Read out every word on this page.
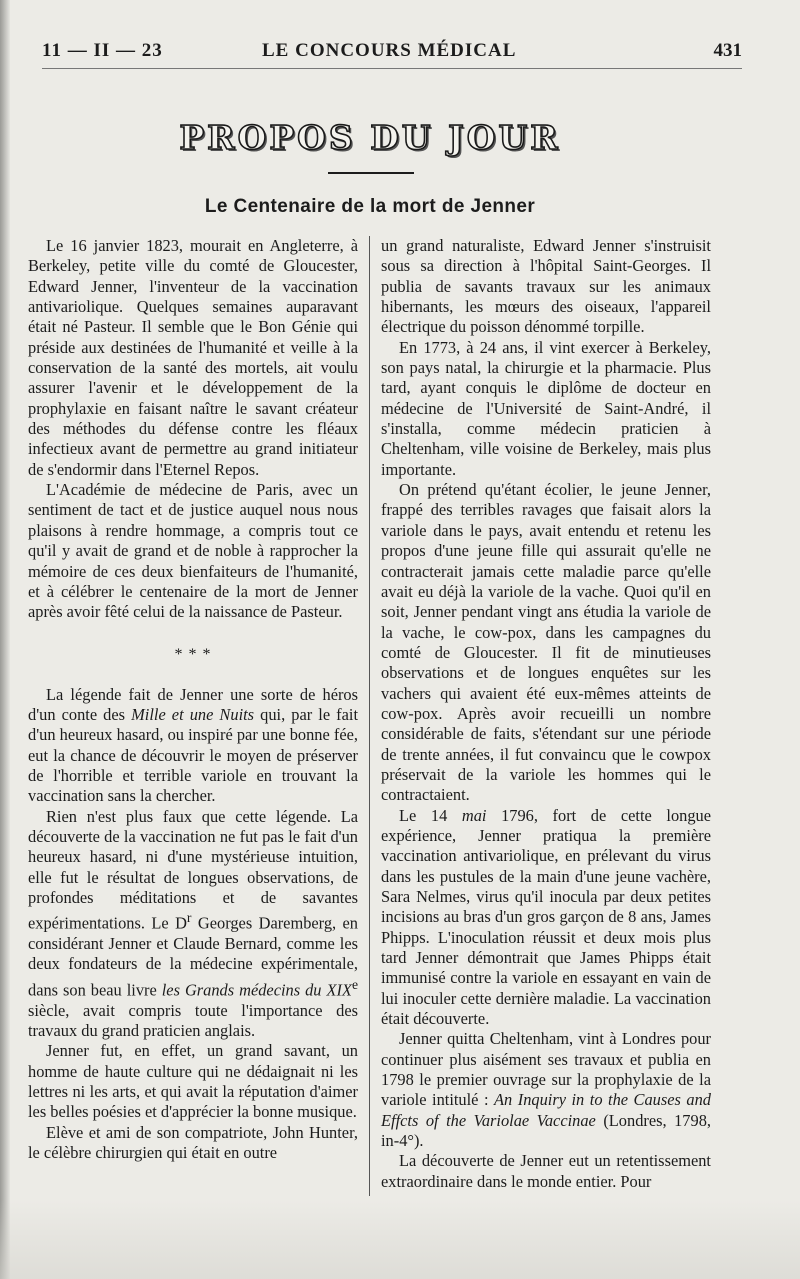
11 — II — 23	LE CONCOURS MÉDICAL	431
PROPOS DU JOUR
Le Centenaire de la mort de Jenner

Le 16 janvier 1823, mourait en Angleterre, à Berkeley, petite ville du comté de Gloucester, Edward Jenner, l'inventeur de la vaccination antivariolique. Quelques semaines auparavant était né Pasteur. Il semble que le Bon Génie qui préside aux destinées de l'humanité et veille à la conservation de la santé des mortels, ait voulu assurer l'avenir et le développement de la prophylaxie en faisant naître le savant créateur des méthodes du défense contre les fléaux infectieux avant de permettre au grand initiateur de s'endormir dans l'Eternel Repos.

L'Académie de médecine de Paris, avec un sentiment de tact et de justice auquel nous nous plaisons à rendre hommage, a compris tout ce qu'il y avait de grand et de noble à rapprocher la mémoire de ces deux bienfaiteurs de l'humanité, et à célébrer le centenaire de la mort de Jenner après avoir fêté celui de la naissance de Pasteur.

* * *

La légende fait de Jenner une sorte de héros d'un conte des Mille et une Nuits qui, par le fait d'un heureux hasard, ou inspiré par une bonne fée, eut la chance de découvrir le moyen de préserver de l'horrible et terrible variole en trouvant la vaccination sans la chercher.

Rien n'est plus faux que cette légende. La découverte de la vaccination ne fut pas le fait d'un heureux hasard, ni d'une mystérieuse intuition, elle fut le résultat de longues observations, de profondes méditations et de savantes expérimentations. Le $D^r$ Georges Daremberg, en considérant Jenner et Claude Bernard, comme les deux fondateurs de la médecine expérimentale, dans son beau livre les Grands médecins du XIXe siècle, avait compris toute l'importance des travaux du grand praticien anglais.

Jenner fut, en effet, un grand savant, un homme de haute culture qui ne dédaignait ni les lettres ni les arts, et qui avait la réputation d'aimer les belles poésies et d'apprécier la bonne musique.

Elève et ami de son compatriote, John Hunter, le célèbre chirurgien qui était en outre

un grand naturaliste, Edward Jenner s'instruisit sous sa direction à l'hôpital Saint-Georges. Il publia de savants travaux sur les animaux hibernants, les mœurs des oiseaux, l'appareil électrique du poisson dénommé torpille.

En 1773, à 24 ans, il vint exercer à Berkeley, son pays natal, la chirurgie et la pharmacie. Plus tard, ayant conquis le diplôme de docteur en médecine de l'Université de Saint-André, il s'installa, comme médecin praticien à Cheltenham, ville voisine de Berkeley, mais plus importante.

On prétend qu'étant écolier, le jeune Jenner, frappé des terribles ravages que faisait alors la variole dans le pays, avait entendu et retenu les propos d'une jeune fille qui assurait qu'elle ne contracterait jamais cette maladie parce qu'elle avait eu déjà la variole de la vache. Quoi qu'il en soit, Jenner pendant vingt ans étudia la variole de la vache, le cow-pox, dans les campagnes du comté de Gloucester. Il fit de minutieuses observations et de longues enquêtes sur les vachers qui avaient été eux-mêmes atteints de cow-pox. Après avoir recueilli un nombre considérable de faits, s'étendant sur une période de trente années, il fut convaincu que le cowpox préservait de la variole les hommes qui le contractaient.

Le 14 mai 1796, fort de cette longue expérience, Jenner pratiqua la première vaccination antivariolique, en prélevant du virus dans les pustules de la main d'une jeune vachère, Sara Nelmes, virus qu'il inocula par deux petites incisions au bras d'un gros garçon de 8 ans, James Phipps. L'inoculation réussit et deux mois plus tard Jenner démontrait que James Phipps était immunisé contre la variole en essayant en vain de lui inoculer cette dernière maladie. La vaccination était découverte.

Jenner quitta Cheltenham, vint à Londres pour continuer plus aisément ses travaux et publia en 1798 le premier ouvrage sur la prophylaxie de la variole intitulé : An Inquiry in to the Causes and Effcts of the Variolae Vaccinae (Londres, 1798, in-4°).

La découverte de Jenner eut un retentissement extraordinaire dans le monde entier. Pour
